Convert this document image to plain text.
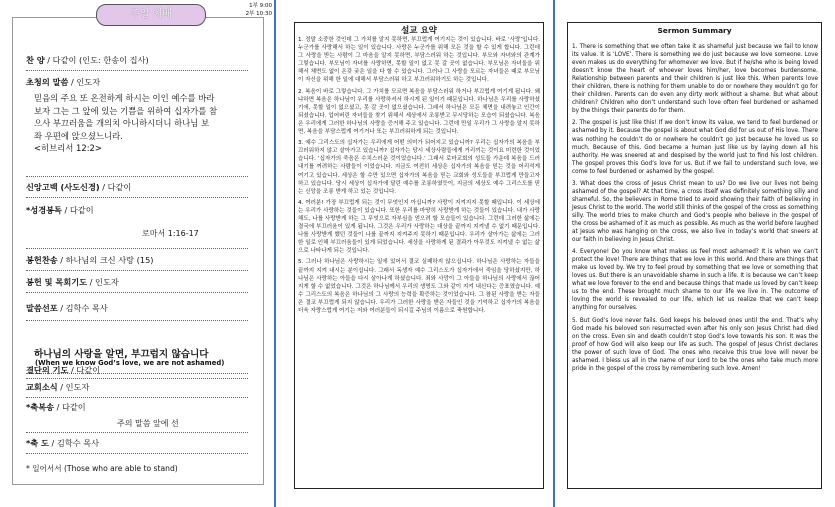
주일 예배
1부 9:00
2부 10:30
찬 양 / 다같이 (인도: 한송이 집사)
초청의 말씀 / 인도자
믿음의 주요 또 온전하게 하시는 이인 예수를 바라
보자 그는 그 앞에 있는 기쁨을 위하여 십자가를 참
으사 부끄러움을 개의치 아니하시더니 하나님 보
좌 우편에 앉으셨느니라.
<히브리서 12:2>
신앙고백 (사도신경) / 다같이
*성경봉독 / 다같이
로마서 1:16-17
봉헌찬송 / 하나님의 크신 사랑 (15)
봉헌 및 목회기도 / 인도자
말씀선포 / 김학수 목사
하나님의 사랑을 알면, 부끄럽지 않습니다
(When we know God’s love, we are not ashamed)
결단의 기도 / 다같이
교회소식 / 인도자
*축복송 / 다같이
주의 말씀 앞에 선
*축 도 / 김학수 목사
* 일어서서 (Those who are able to stand)
설교 요약

1. 정말 소중한 것인데 그 가치를 알지 못하면, 부끄럽게 여기지는 것이 있습니다. 바로 ‘사랑’입니다. 누군가를 사랑해서 하는 일이 있습니다. 사랑은 누군가를 위해 모든 것을 할 수 있게 합니다. 그런데 그 사랑을 받는 사람이 그 마음을 알지 못하면, 부담스러워 하는 것입니다. 부모와 자녀와의 관계가 그렇습니다. 부모님이 자녀를 사랑하면, 못할 일이 없고 못 갈 곳이 없습니다. 부모님은 자녀들을 위해서 체면도 없이 온갖 궂은 일을 다 할 수 있습니다. 그러나 그 사랑을 모르는 자녀들은 때로 부모님이 자신을 위해 한 일에 대해서 부담스러워 하고 부끄러워하기도 하는 것입니다.

2. 복음이 바로 그렇습니다. 그 가치를 모르면 복음을 부담스러워 하거나 부끄럽게 여기게 됩니다. 왜냐하면 복음은 하나님이 우리를 사랑하셔서 하시게 된 일이기 때문입니다. 하나님은 우리를 사랑하셨기에, 못할 일이 없으셨고, 못 갈 곳이 없으셨습니다. 그래서 하나님은 모든 체면을 내려놓고 인간이 되셨습니다. 업어버린 자녀들을 찾기 위해서 세상에서 조롱받고 무시당하는 모습이 되셨습니다. 복음은 우리에게 그러한 하나님의 사랑을 증거해 주고 있습니다. 그런데 만일 우리가 그 사랑을 알지 못하면, 복음을 부담스럽게 여기거나 또는 부끄러워하게 되는 것입니다.

3. 예수 그리스도의 십자가는 우리에게 어떤 의미가 되어지고 있습니까? 우리는 십자가의 복음을 부끄러워하지 않고 살아가고 있습니까? 십자가는 당시 세상사람들에게 거리끼는 것이요 미련한 것이었습니다. ‘십자가의 죽음은 수치스러운 것이었습니다.’ 그래서 로마교회의 성도들 가운데 복음을 드러내기를 꺼려하는 사람들이 이었습니다. 지금도 여전히 세상은 십자가의 복음을 믿는 것을 어리석게 여기고 있습니다. 세상은 할 수만 있으면 십자가의 복음을 믿는 교회와 성도들을 부끄럽게 만들고자 하고 있습니다. 당시 세상이 십자가에 달린 예수를 조롱하였듯이, 지금의 세상도 예수 그리스도를 믿는 신앙을 조롱 받게 하고 있는 것입니다.

4. 여러분! 가장 부끄럽게 되는 것이 무엇인지 아십니까? 사랑이 지켜지지 못할 때입니다. 이 세상에는 우리가 사랑하는 것들이 있습니다. 또한 우리를 마땅히 사랑받게 하는 것들이 있습니다. 내가 사랑해도, 나를 사랑받게 하는 그 무엇으로 자부심을 얻으려 할 모습들이 있습니다. 그런데 그러한 삶에는 결국에 부끄러움이 있게 됩니다. 그것은 우리가 사랑하는 대상을 끝까지 지켜낼 수 없기 때문입니다. 나를 사랑받게 했던 것들이 나를 끝까지 지켜주지 못하기 때문입니다. 우리가 살아가는 삶에는 그러한 일로 인해 부끄러움들이 있게 되었습니다. 세상을 사랑하게 된 결과가 아무것도 지켜낼 수 없는 삶으로 나타나게 되는 것입니다.

5. 그러나 하나님은 사랑하시는 일에 있어서 결코 실패하지 않으십니다. 하나님은 사랑하는 자들을 끝까지 지켜 내시는 분이십니다. 그래서 독생자 예수 그리스도가 십자가에서 죽임을 당하셨지만, 하나님은 사랑하는 아들을 다시 살아나게 하셨습니다. 죄와 사망이 그 아들을 하나님의 사랑에서 끊어지게 할 수 없었습니다. 그것은 하나님께서 우리의 생명도 그와 같이 지켜 내신다는 증표였습니다. 예수 그리스도의 복음은 하나님의 그 사랑의 능력을 확증하는 것이었습니다. 그 참된 사랑을 받는 자들은 결코 부끄럽게 되지 않습니다. 우리가 그러한 사랑을 받은 자들인 것을 기억하고 십자가의 복음을 더욱 자랑스럽게 여기는 저와 여러분들이 되시길 주님의 이름으로 축원합니다.

Sermon Summary

1. There is something that we often take it as shameful just because we fail to know its value. It is ‘LOVE’. There is something we do just because we love someone. Love even makes us do everything for whomever we love. But if he/she who is being loved doesn’t know the heart of whoever loves him/her, love becomes burdensome. Relationship between parents and their children is just like this. When parents love their children, there is nothing for them unable to do or nowhere they wouldn’t go for their children. Parents can do even any dirty work without a shame. But what about children? Children who don’t understand such love often feel burdened or ashamed by the things their parents do for them.

2. The gospel is just like this! If we don’t know its value, we tend to feel burdened or ashamed by it. Because the gospel is about what God did for us out of His love. There was nothing he couldn’t do or nowhere he couldn’t go just because he loved us so much. Because of this, God became a human just like us by laying down all his authority. He was sneered at and despised by the world just to find his lost children. The gospel proves this God’s love for us. But if we fail to understand such love, we come to feel burdened or ashamed by the gospel.

3. What does the cross of Jesus Christ mean to us? Do we live our lives not being ashamed of the gospel? At that time, a cross itself was definitely something silly and shameful. So, the believers in Rome tried to avoid showing their faith of believing in Jesus Christ to the world. The world still thinks of the gospel of the cross as something silly. The world tries to make church and God’s people who believe in the gospel of the cross be ashamed of it as much as possible. As much as the world before laughed at Jesus who was hanging on the cross, we also live in today’s world that sneers at our faith in believing in Jesus Christ.

4. Everyone! Do you know what makes us feel most ashamed? It is when we can’t protect the love! There are things that we love in this world. And there are things that make us loved by. We try to feel proud by something that we love or something that loves us. But there is an unavoidable shame in such a life. It is because we can’t keep what we love forever to the end and because things that made us loved by can’t keep us to the end. These brought much shame to our life we live in. The outcome of loving the world is revealed to our life, which let us realize that we can’t keep anything for ourselves.

5. But God’s love never fails. God keeps his beloved ones until the end. That’s why God made his beloved son resurrected even after his only son Jesus Christ had died on the cross. Even sin and death couldn’t stop God’s love towards his son. It was the proof of how God will also keep our life as such. The gospel of Jesus Christ declares the power of such love of God. The ones who receive this true love will never be ashamed. I bless us all in the name of our Lord to be the ones who take much more pride in the gospel of the cross by remembering such love. Amen!
